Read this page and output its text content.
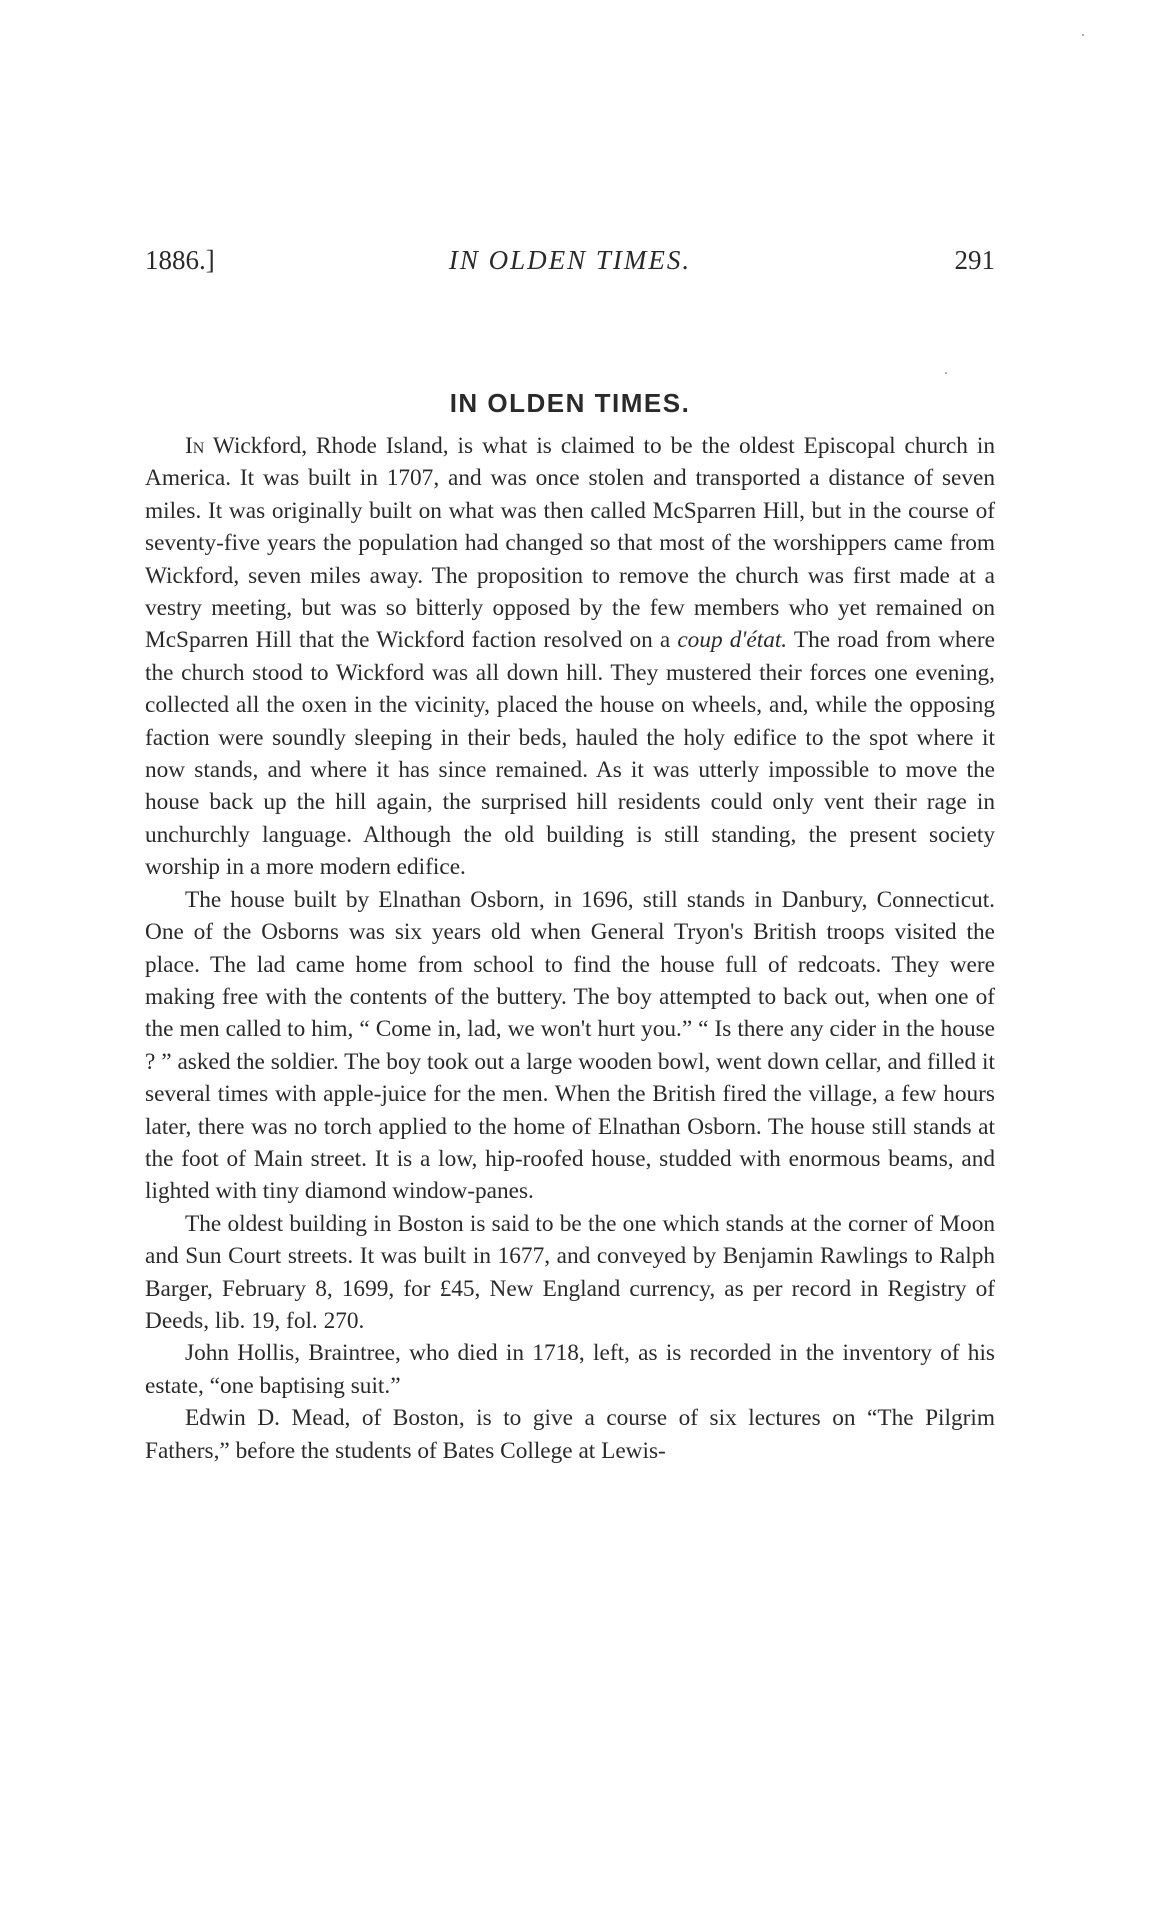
1886.]	IN OLDEN TIMES.	291
IN OLDEN TIMES.

In Wickford, Rhode Island, is what is claimed to be the oldest Episcopal church in America. It was built in 1707, and was once stolen and transported a distance of seven miles. It was originally built on what was then called McSparren Hill, but in the course of seventy-five years the population had changed so that most of the worshippers came from Wickford, seven miles away. The proposition to remove the church was first made at a vestry meeting, but was so bitterly opposed by the few members who yet remained on McSparren Hill that the Wickford faction resolved on a coup d'état. The road from where the church stood to Wickford was all down hill. They mustered their forces one evening, collected all the oxen in the vicinity, placed the house on wheels, and, while the opposing faction were soundly sleeping in their beds, hauled the holy edifice to the spot where it now stands, and where it has since remained. As it was utterly impossible to move the house back up the hill again, the surprised hill residents could only vent their rage in unchurchly language. Although the old building is still standing, the present society worship in a more modern edifice.

The house built by Elnathan Osborn, in 1696, still stands in Danbury, Connecticut. One of the Osborns was six years old when General Tryon's British troops visited the place. The lad came home from school to find the house full of redcoats. They were making free with the contents of the buttery. The boy attempted to back out, when one of the men called to him, “ Come in, lad, we won't hurt you.” “ Is there any cider in the house ? ” asked the soldier. The boy took out a large wooden bowl, went down cellar, and filled it several times with apple-juice for the men. When the British fired the village, a few hours later, there was no torch applied to the home of Elnathan Osborn. The house still stands at the foot of Main street. It is a low, hip-roofed house, studded with enormous beams, and lighted with tiny diamond window-panes.

The oldest building in Boston is said to be the one which stands at the corner of Moon and Sun Court streets. It was built in 1677, and conveyed by Benjamin Rawlings to Ralph Barger, February 8, 1699, for £45, New England currency, as per record in Registry of Deeds, lib. 19, fol. 270.

John Hollis, Braintree, who died in 1718, left, as is recorded in the inventory of his estate, “one baptising suit.”

Edwin D. Mead, of Boston, is to give a course of six lectures on “The Pilgrim Fathers,” before the students of Bates College at Lewis-
